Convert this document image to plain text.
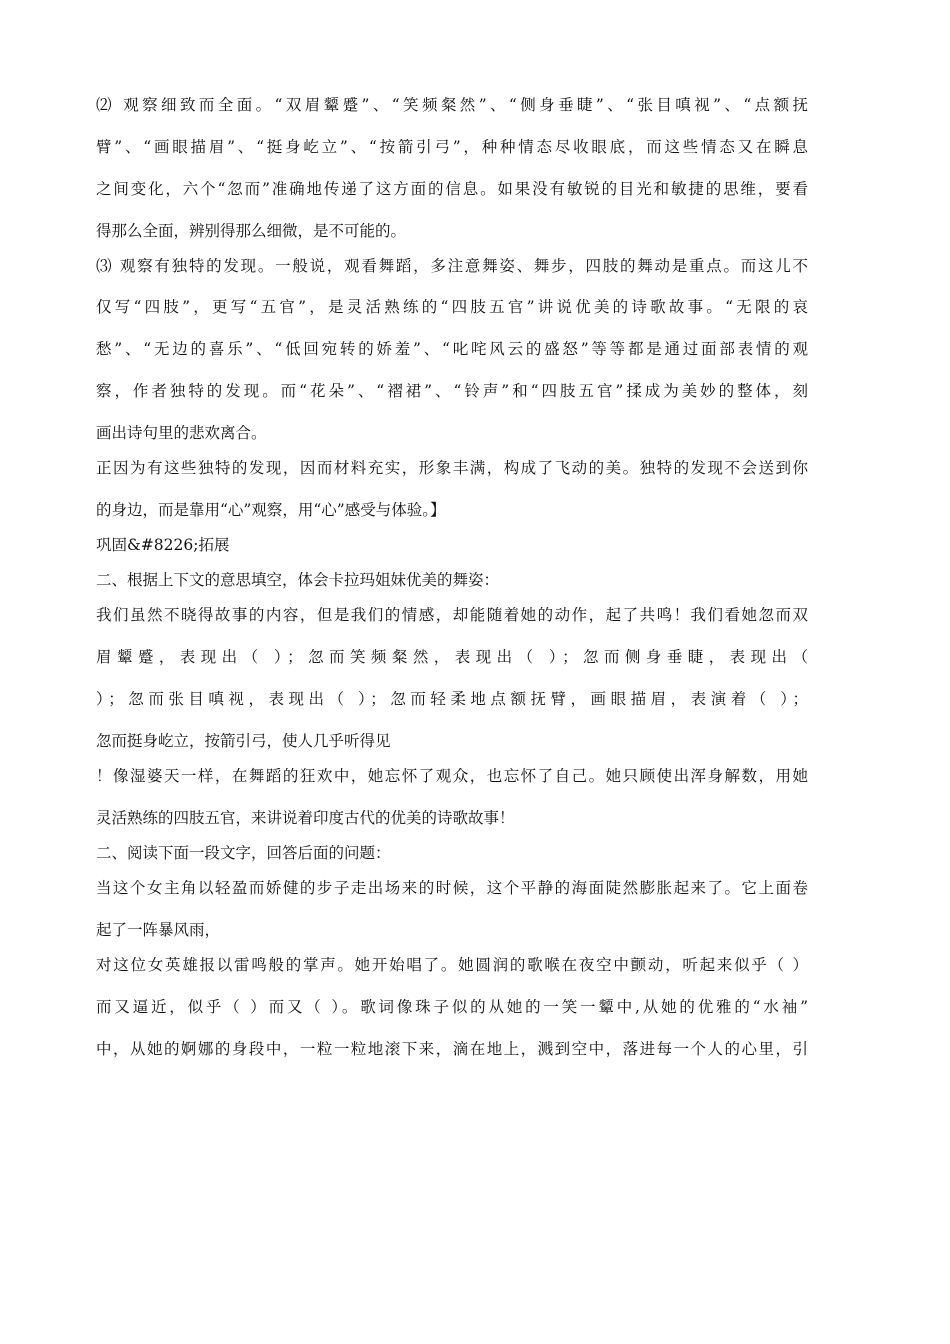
⑵ 观察细致而全面。“双眉颦蹙”、“笑频粲然”、“侧身垂睫”、“张目嗔视”、“点额抚
臂”、“画眼描眉”、“挺身屹立”、“按箭引弓”，种种情态尽收眼底，而这些情态又在瞬息
之间变化，六个“忽而”准确地传递了这方面的信息。如果没有敏锐的目光和敏捷的思维，要看
得那么全面，辨别得那么细微，是不可能的。
⑶ 观察有独特的发现。一般说，观看舞蹈，多注意舞姿、舞步，四肢的舞动是重点。而这儿不
仅写“四肢”，更写“五官”，是灵活熟练的“四肢五官”讲说优美的诗歌故事。“无限的哀
愁”、“无边的喜乐”、“低回宛转的娇羞”、“叱咤风云的盛怒”等等都是通过面部表情的观
察，作者独特的发现。而“花朵”、“褶裙”、“铃声”和“四肢五官”揉成为美妙的整体，刻
画出诗句里的悲欢离合。
正因为有这些独特的发现，因而材料充实，形象丰满，构成了飞动的美。独特的发现不会送到你
的身边，而是靠用“心”观察，用“心”感受与体验。】
巩固&#8226;拓展
二、根据上下文的意思填空，体会卡拉玛姐妹优美的舞姿：
我们虽然不晓得故事的内容，但是我们的情感，却能随着她的动作，起了共鸣！我们看她忽而双
眉颦蹙，表现出（ ）；忽而笑频粲然，表现出（ ）；忽而侧身垂睫，表现出（
）；忽而张目嗔视，表现出（ ）；忽而轻柔地点额抚臂，画眼描眉，表演着（ ）；
忽而挺身屹立，按箭引弓，使人几乎听得见
！像湿婆天一样，在舞蹈的狂欢中，她忘怀了观众，也忘怀了自己。她只顾使出浑身解数，用她
灵活熟练的四肢五官，来讲说着印度古代的优美的诗歌故事！
二、阅读下面一段文字，回答后面的问题：
当这个女主角以轻盈而娇健的步子走出场来的时候，这个平静的海面陡然膨胀起来了。它上面卷
起了一阵暴风雨，
对这位女英雄报以雷鸣般的掌声。她开始唱了。她圆润的歌喉在夜空中颤动，听起来似乎（ ）
而又逼近，似乎（ ）而又（ ）。歌词像珠子似的从她的一笑一颦中,从她的优雅的“水袖”
中，从她的婀娜的身段中，一粒一粒地滚下来，滴在地上，溅到空中，落进每一个人的心里，引
